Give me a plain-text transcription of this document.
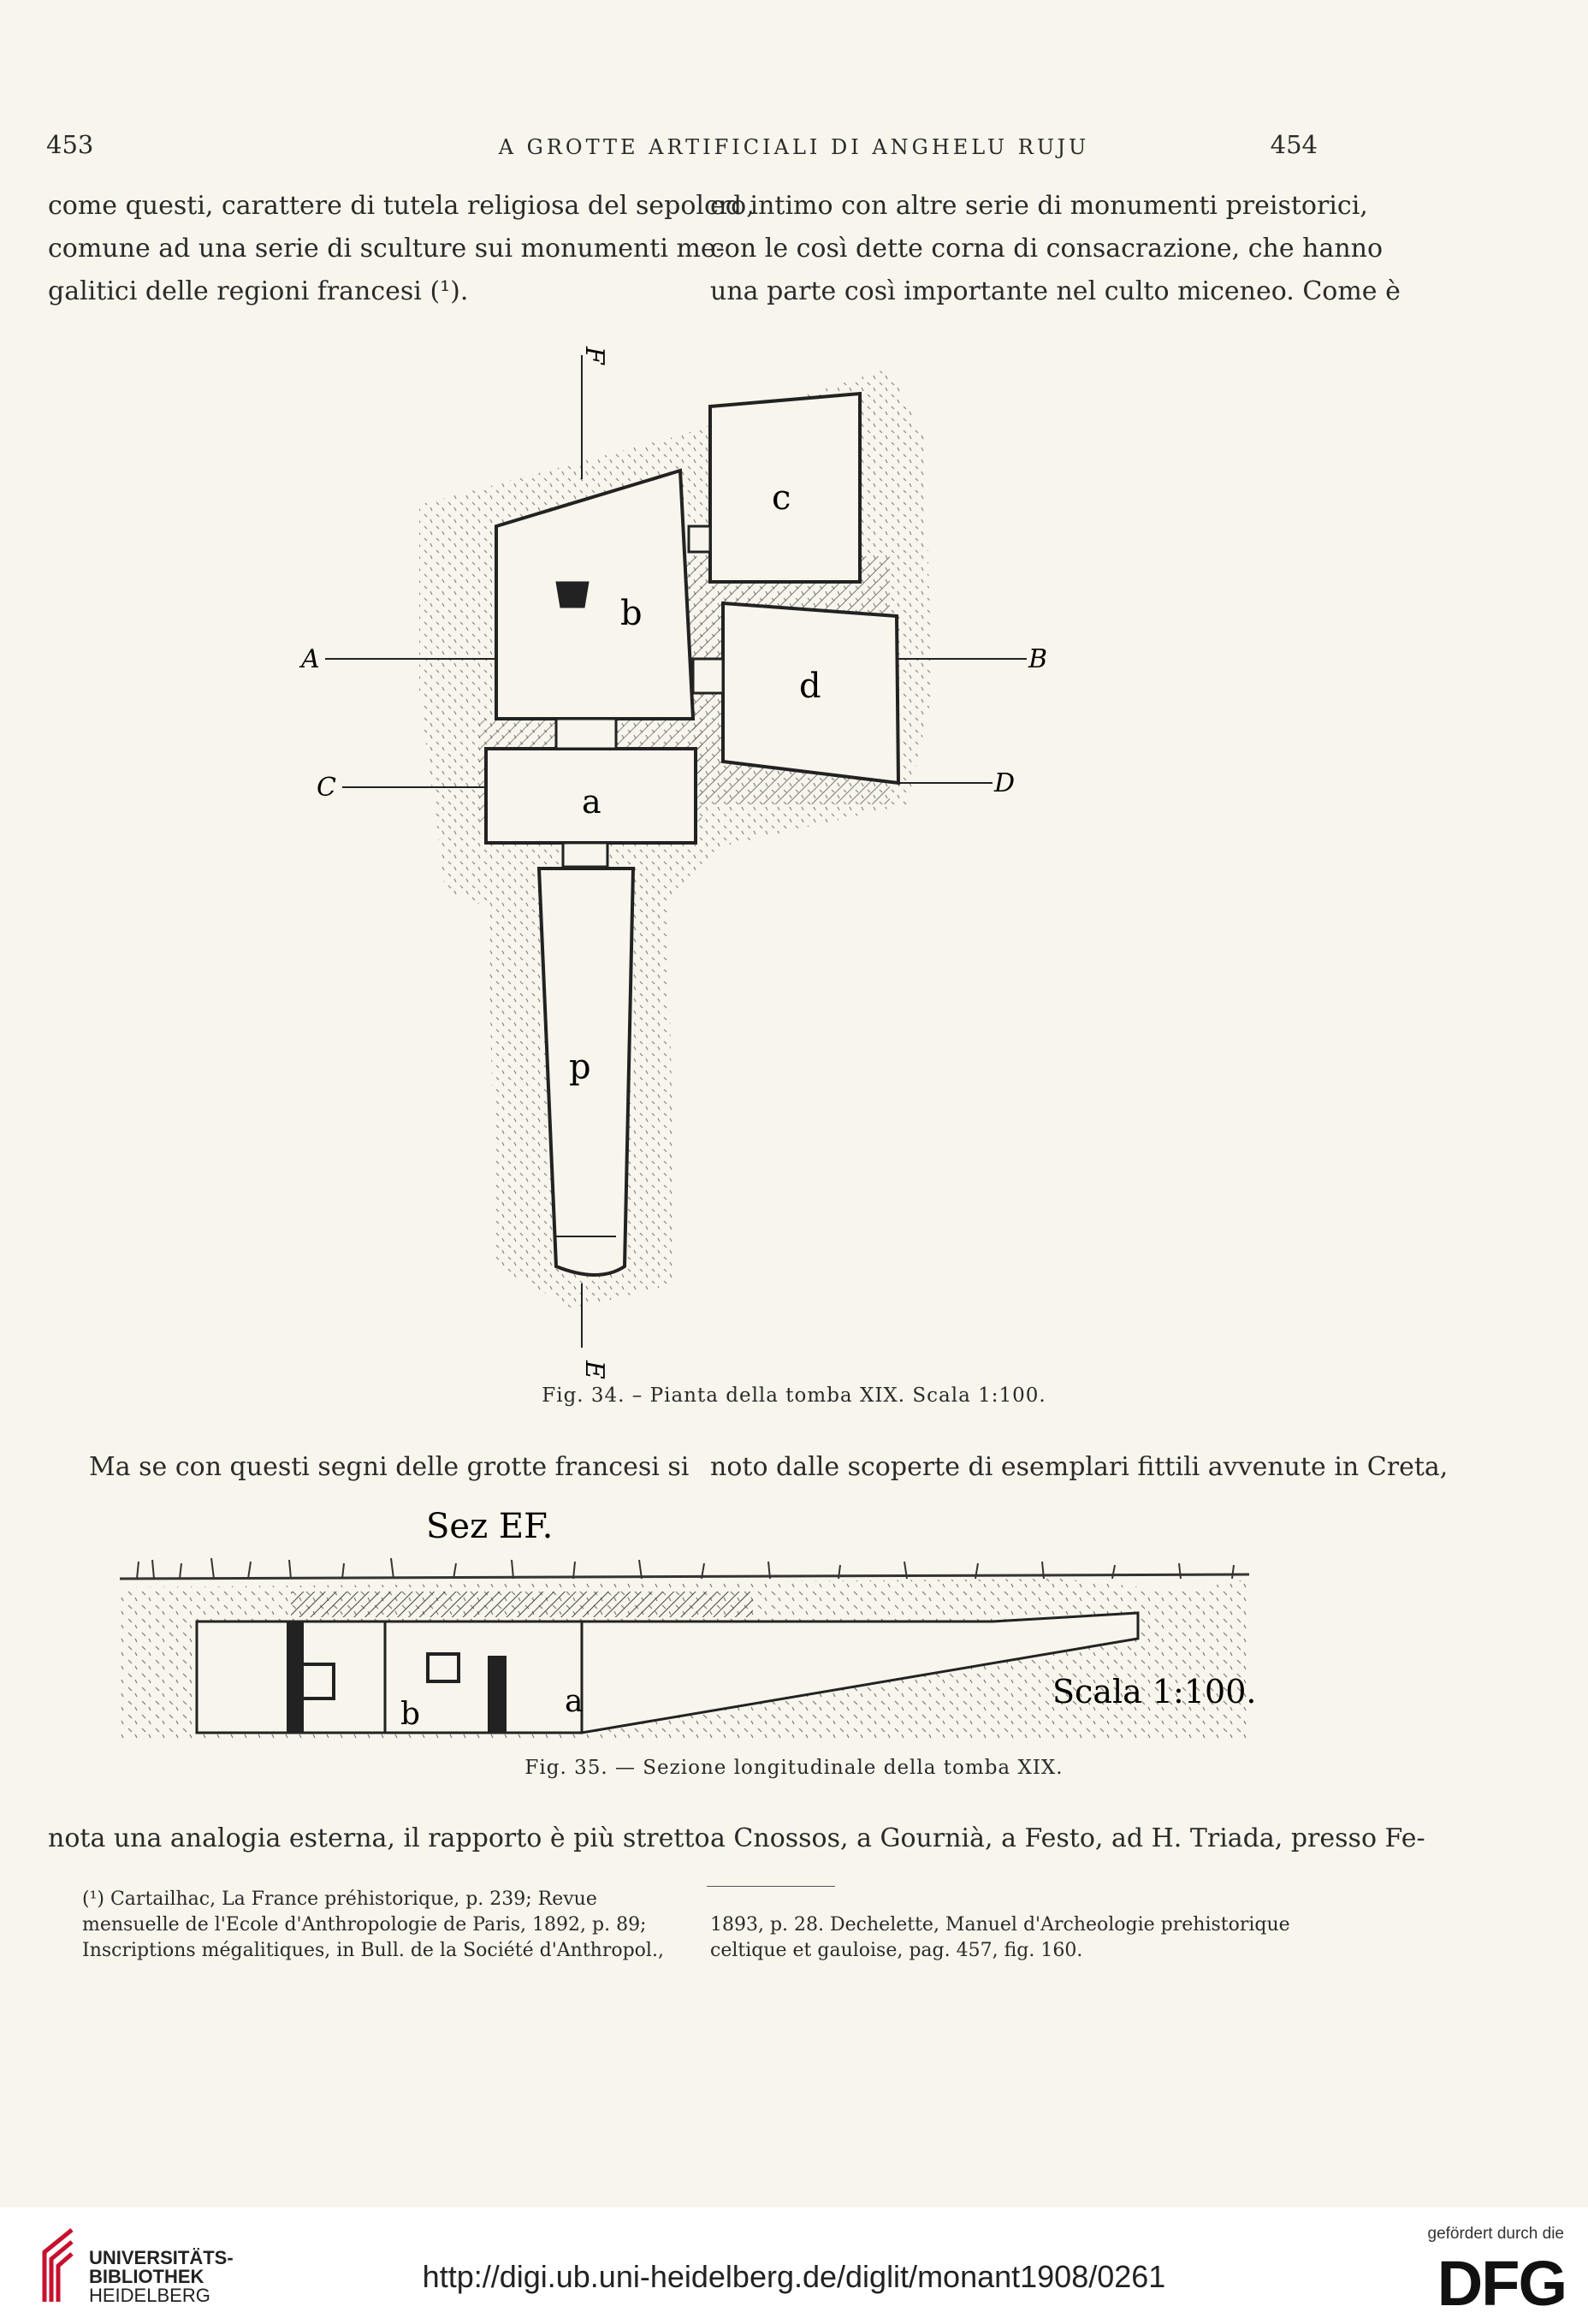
453	A GROTTE ARTIFICIALI DI ANGHELU RUJU	454
come questi, carattere di tutela religiosa del sepolcro,
comune ad una serie di sculture sui monumenti me-
galitici delle regioni francesi (¹).
ed intimo con altre serie di monumenti preistorici,
con le così dette corna di consacrazione, che hanno
una parte così importante nel culto miceneo. Come è
F
E
A	B
C	D
a
b
c
d
p
Fig. 34. – Pianta della tomba XIX. Scala 1:100.
Ma se con questi segni delle grotte francesi si noto dalle scoperte di esemplari fittili avvenute in Creta,
Sez EF.
b	a	Scala 1:100.
Fig. 35. — Sezione longitudinale della tomba XIX.
nota una analogia esterna, il rapporto è più stretto a Cnossos, a Gournià, a Festo, ad H. Triada, presso Fe-
(¹) Cartailhac, La France préhistorique, p. 239; Revue
mensuelle de l'Ecole d'Anthropologie de Paris, 1892, p. 89;
Inscriptions mégalitiques, in Bull. de la Société d'Anthropol.,
1893, p. 28. Dechelette, Manuel d'Archeologie prehistorique
celtique et gauloise, pag. 457, fig. 160.
UNIVERSITÄTS-
BIBLIOTHEK
HEIDELBERG
http://digi.ub.uni-heidelberg.de/diglit/monant1908/0261
gefördert durch die
DFG
